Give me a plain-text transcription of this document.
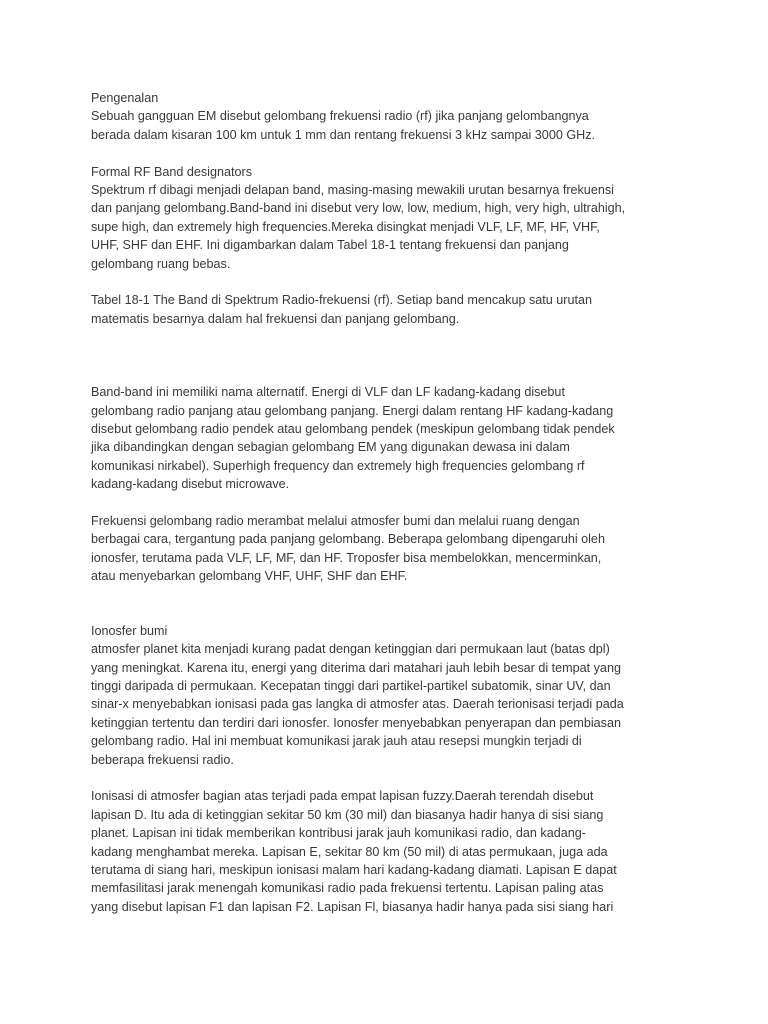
Pengenalan
Sebuah gangguan EM disebut gelombang frekuensi radio (rf) jika panjang gelombangnya
berada dalam kisaran 100 km untuk 1 mm dan rentang frekuensi 3 kHz sampai 3000 GHz.
Formal RF Band designators
Spektrum rf dibagi menjadi delapan band, masing-masing mewakili urutan besarnya frekuensi
dan panjang gelombang.Band-band ini disebut very low, low, medium, high, very high, ultrahigh,
supe high, dan extremely high frequencies.Mereka disingkat menjadi VLF, LF, MF, HF, VHF,
UHF, SHF dan EHF. Ini digambarkan dalam Tabel 18-1 tentang frekuensi dan panjang
gelombang ruang bebas.
Tabel 18-1 The Band di Spektrum Radio-frekuensi (rf). Setiap band mencakup satu urutan
matematis besarnya dalam hal frekuensi dan panjang gelombang.
Band-band ini memiliki nama alternatif. Energi di VLF dan LF kadang-kadang disebut
gelombang radio panjang atau gelombang panjang. Energi dalam rentang HF kadang-kadang
disebut gelombang radio pendek atau gelombang pendek (meskipun gelombang tidak pendek
jika dibandingkan dengan sebagian gelombang EM yang digunakan dewasa ini dalam
komunikasi nirkabel). Superhigh frequency dan extremely high frequencies gelombang rf
kadang-kadang disebut microwave.
Frekuensi gelombang radio merambat melalui atmosfer bumi dan melalui ruang dengan
berbagai cara, tergantung pada panjang gelombang. Beberapa gelombang dipengaruhi oleh
ionosfer, terutama pada VLF, LF, MF, dan HF. Troposfer bisa membelokkan, mencerminkan,
atau menyebarkan gelombang VHF, UHF, SHF dan EHF.
Ionosfer bumi
atmosfer planet kita menjadi kurang padat dengan ketinggian dari permukaan laut (batas dpl)
yang meningkat. Karena itu, energi yang diterima dari matahari jauh lebih besar di tempat yang
tinggi daripada di permukaan. Kecepatan tinggi dari partikel-partikel subatomik, sinar UV, dan
sinar-x menyebabkan ionisasi pada gas langka di atmosfer atas. Daerah terionisasi terjadi pada
ketinggian tertentu dan terdiri dari ionosfer. Ionosfer menyebabkan penyerapan dan pembiasan
gelombang radio. Hal ini membuat komunikasi jarak jauh atau resepsi mungkin terjadi di
beberapa frekuensi radio.
Ionisasi di atmosfer bagian atas terjadi pada empat lapisan fuzzy.Daerah terendah disebut
lapisan D. Itu ada di ketinggian sekitar 50 km (30 mil) dan biasanya hadir hanya di sisi siang
planet. Lapisan ini tidak memberikan kontribusi jarak jauh komunikasi radio, dan kadang-
kadang menghambat mereka. Lapisan E, sekitar 80 km (50 mil) di atas permukaan, juga ada
terutama di siang hari, meskipun ionisasi malam hari kadang-kadang diamati. Lapisan E dapat
memfasilitasi jarak menengah komunikasi radio pada frekuensi tertentu. Lapisan paling atas
yang disebut lapisan F1 dan lapisan F2. Lapisan Fl, biasanya hadir hanya pada sisi siang hari
